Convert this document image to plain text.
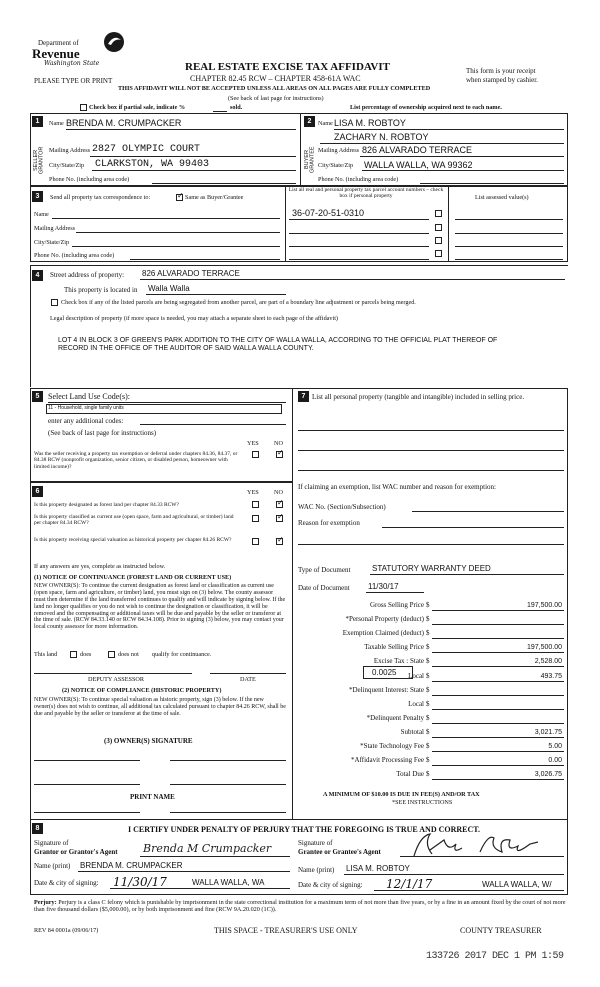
Department of
Revenue
Washington State
PLEASE TYPE OR PRINT
REAL ESTATE EXCISE TAX AFFIDAVIT
CHAPTER 82.45 RCW – CHAPTER 458-61A WAC
THIS AFFIDAVIT WILL NOT BE ACCEPTED UNLESS ALL AREAS ON ALL PAGES ARE FULLY COMPLETED
(See back of last page for instructions)
This form is your receipt
when stamped by cashier.
Check box if partial sale, indicate %	sold.	List percentage of ownership acquired next to each name.
1
SELLER GRANTOR
Name BRENDA M. CRUMPACKER
Mailing Address 2827 OLYMPIC COURT
City/State/Zip CLARKSTON, WA 99403
Phone No. (including area code)
2
BUYER GRANTEE
Name LISA M. ROBTOY
ZACHARY N. ROBTOY
Mailing Address 826 ALVARADO TERRACE
City/State/Zip WALLA WALLA, WA 99362
Phone No. (including area code)
3	Send all property tax correspondence to:
✓	Same as Buyer/Grantee
Name
Mailing Address
City/State/Zip
Phone No. (including area code)
List all real and personal property tax parcel account numbers – check box if personal property	List assessed value(s)
36-07-20-51-0310
4	Street address of property: 826 ALVARADO TERRACE
This property is located in Walla Walla
Check box if any of the listed parcels are being segregated from another parcel, are part of a boundary line adjustment or parcels being merged.
Legal description of property (if more space is needed, you may attach a separate sheet to each page of the affidavit)
LOT 4 IN BLOCK 3 OF GREEN'S PARK ADDITION TO THE CITY OF WALLA WALLA, ACCORDING TO THE OFFICIAL PLAT THEREOF OF RECORD IN THE OFFICE OF THE AUDITOR OF SAID WALLA WALLA COUNTY.
5	Select Land Use Code(s):
11 - Household, single family units
enter any additional codes:
(See back of last page for instructions)
YES NO
Was the seller receiving a property tax exemption or deferral under chapters 84.36, 84.37, or 84.38 RCW (nonprofit organization, senior citizen, or disabled person, homeowner with limited income)?
✓
6	YES NO
Is this property designated as forest land per chapter 84.33 RCW?
✓
Is this property classified as current use (open space, farm and agricultural, or timber) land per chapter 84.34 RCW?
✓
Is this property receiving special valuation as historical property per chapter 84.26 RCW?
✓
If any answers are yes, complete as instructed below.
(1) NOTICE OF CONTINUANCE (FOREST LAND OR CURRENT USE)
NEW OWNER(S): To continue the current designation as forest land or classification as current use (open space, farm and agriculture, or timber) land, you must sign on (3) below. The county assessor must then determine if the land transferred continues to qualify and will indicate by signing below. If the land no longer qualifies or you do not wish to continue the designation or classification, it will be removed and the compensating or additional taxes will be due and payable by the seller or transferor at the time of sale. (RCW 84.33.140 or RCW 84.34.108). Prior to signing (3) below, you may contact your local county assessor for more information.
This land	does	does not qualify for continuance.
DEPUTY ASSESSOR	DATE
(2) NOTICE OF COMPLIANCE (HISTORIC PROPERTY)
NEW OWNER(S): To continue special valuation as historic property, sign (3) below. If the new owner(s) does not wish to continue, all additional tax calculated pursuant to chapter 84.26 RCW, shall be due and payable by the seller or transferor at the time of sale.
(3) OWNER(S) SIGNATURE
PRINT NAME
7 List all personal property (tangible and intangible) included in selling price.
If claiming an exemption, list WAC number and reason for exemption:
WAC No. (Section/Subsection)
Reason for exemption
Type of Document	STATUTORY WARRANTY DEED
Date of Document 11/30/17
Gross Selling Price $	197,500.00
*Personal Property (deduct) $
Exemption Claimed (deduct) $
Taxable Selling Price $	197,500.00
Excise Tax : State $	2,528.00
Local $	493.75
*Delinquent Interest: State $
Local $
*Delinquent Penalty $
Subtotal $	3,021.75
*State Technology Fee $	5.00
*Affidavit Processing Fee $	0.00
Total Due $	3,026.75
0.0025
A MINIMUM OF $10.00 IS DUE IN FEE(S) AND/OR TAX
*SEE INSTRUCTIONS
8	I CERTIFY UNDER PENALTY OF PERJURY THAT THE FOREGOING IS TRUE AND CORRECT.
Signature of
Grantor or Grantor's Agent Brenda M Crumpacker
Name (print) BRENDA M. CRUMPACKER
Date & city of signing: 11/30/17	WALLA WALLA, WA
Signature of
Grantee or Grantee's Agent
Name (print) LISA M. ROBTOY
Date & city of signing: 12/1/17	WALLA WALLA, W/
Perjury: Perjury is a class C felony which is punishable by imprisonment in the state correctional institution for a maximum term of not more than five years, or by a fine in an amount fixed by the court of not more than five thousand dollars ($5,000.00), or by both imprisonment and fine (RCW 9A.20.020 (1C)).
REV 84 0001a (09/06/17)	THIS SPACE - TREASURER'S USE ONLY	COUNTY TREASURER
133726 2017 DEC 1 PM 1:59
